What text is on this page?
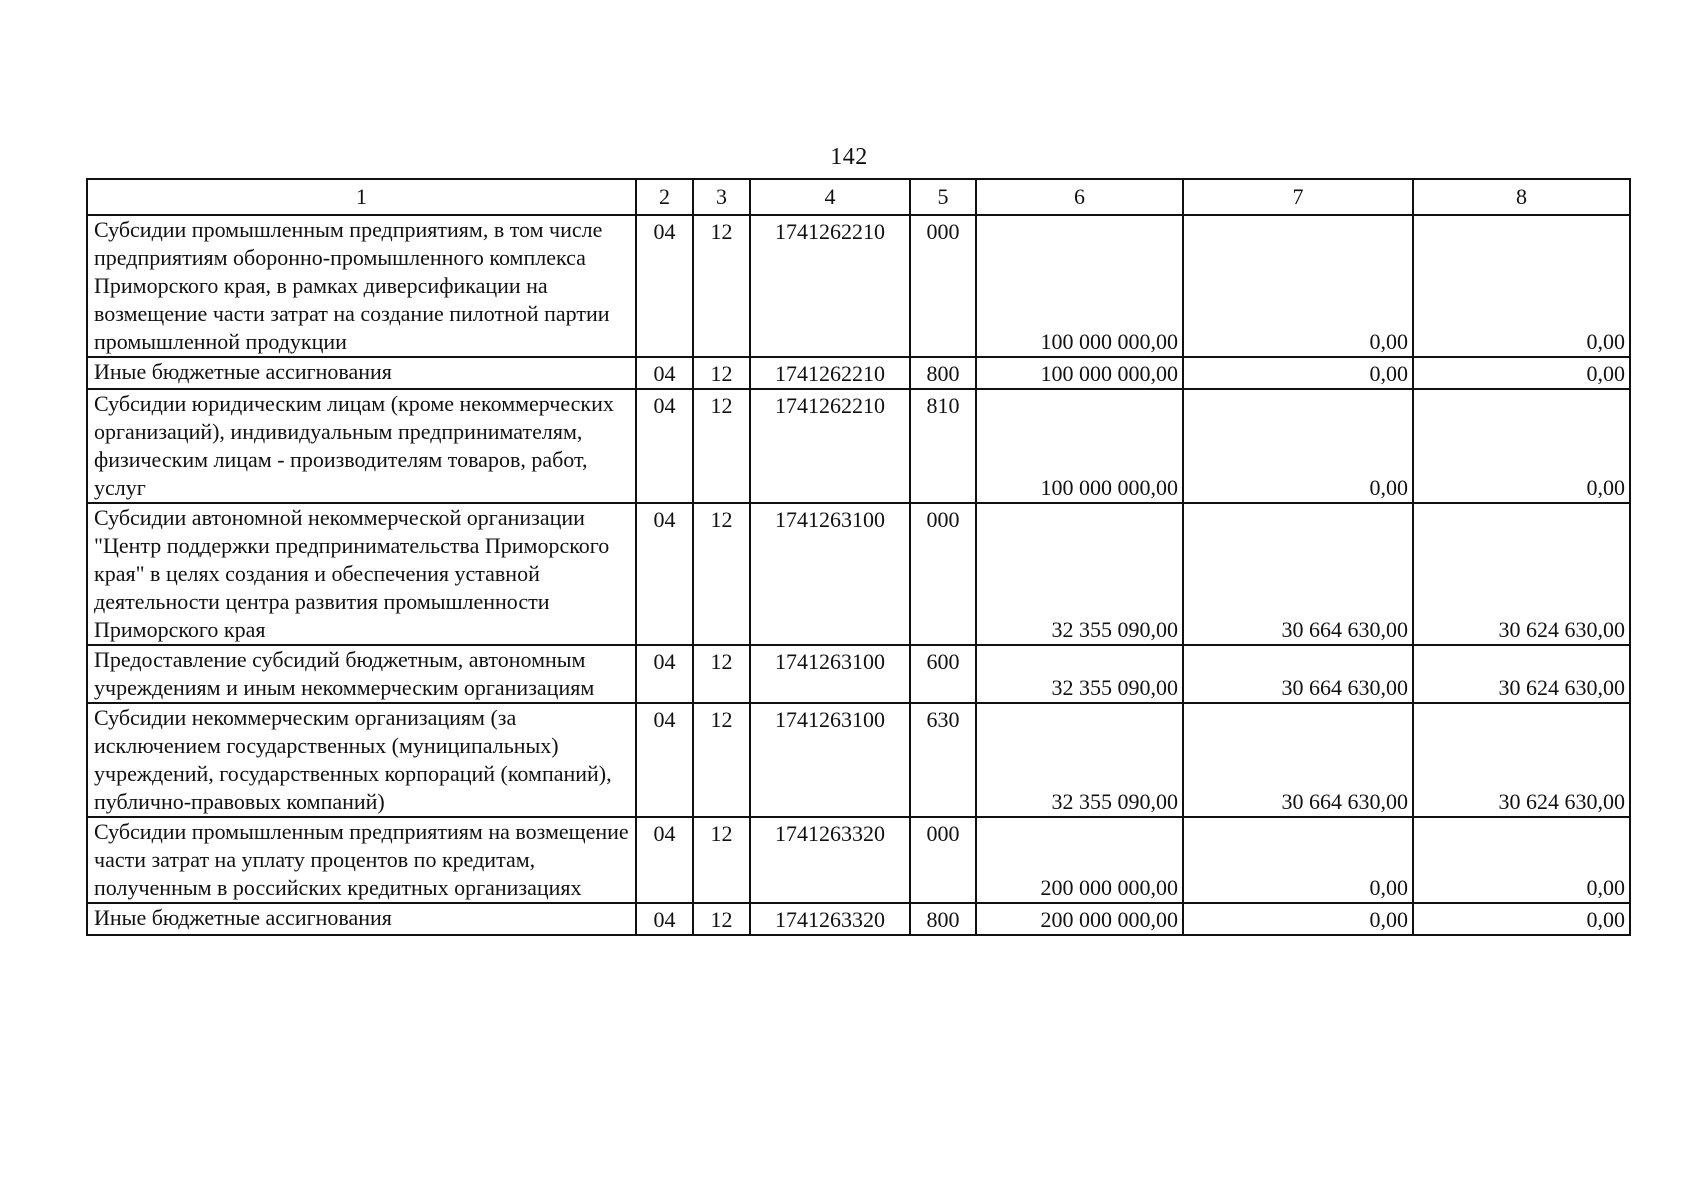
142
1	2	3	4	5	6	7	8
Субсидии промышленным предприятиям, в том числе предприятиям оборонно-промышленного комплекса Приморского края, в рамках диверсификации на возмещение части затрат на создание пилотной партии промышленной продукции	04	12	1741262210	000	100 000 000,00	0,00	0,00
Иные бюджетные ассигнования	04	12	1741262210	800	100 000 000,00	0,00	0,00
Субсидии юридическим лицам (кроме некоммерческих организаций), индивидуальным предпринимателям, физическим лицам - производителям товаров, работ, услуг	04	12	1741262210	810	100 000 000,00	0,00	0,00
Субсидии автономной некоммерческой организации "Центр поддержки предпринимательства Приморского края" в целях создания и обеспечения уставной деятельности центра развития промышленности Приморского края	04	12	1741263100	000	32 355 090,00	30 664 630,00	30 624 630,00
Предоставление субсидий бюджетным, автономным учреждениям и иным некоммерческим организациям	04	12	1741263100	600	32 355 090,00	30 664 630,00	30 624 630,00
Субсидии некоммерческим организациям (за исключением государственных (муниципальных) учреждений, государственных корпораций (компаний), публично-правовых компаний)	04	12	1741263100	630	32 355 090,00	30 664 630,00	30 624 630,00
Субсидии промышленным предприятиям на возмещение части затрат на уплату процентов по кредитам, полученным в российских кредитных организациях	04	12	1741263320	000	200 000 000,00	0,00	0,00
Иные бюджетные ассигнования	04	12	1741263320	800	200 000 000,00	0,00	0,00
